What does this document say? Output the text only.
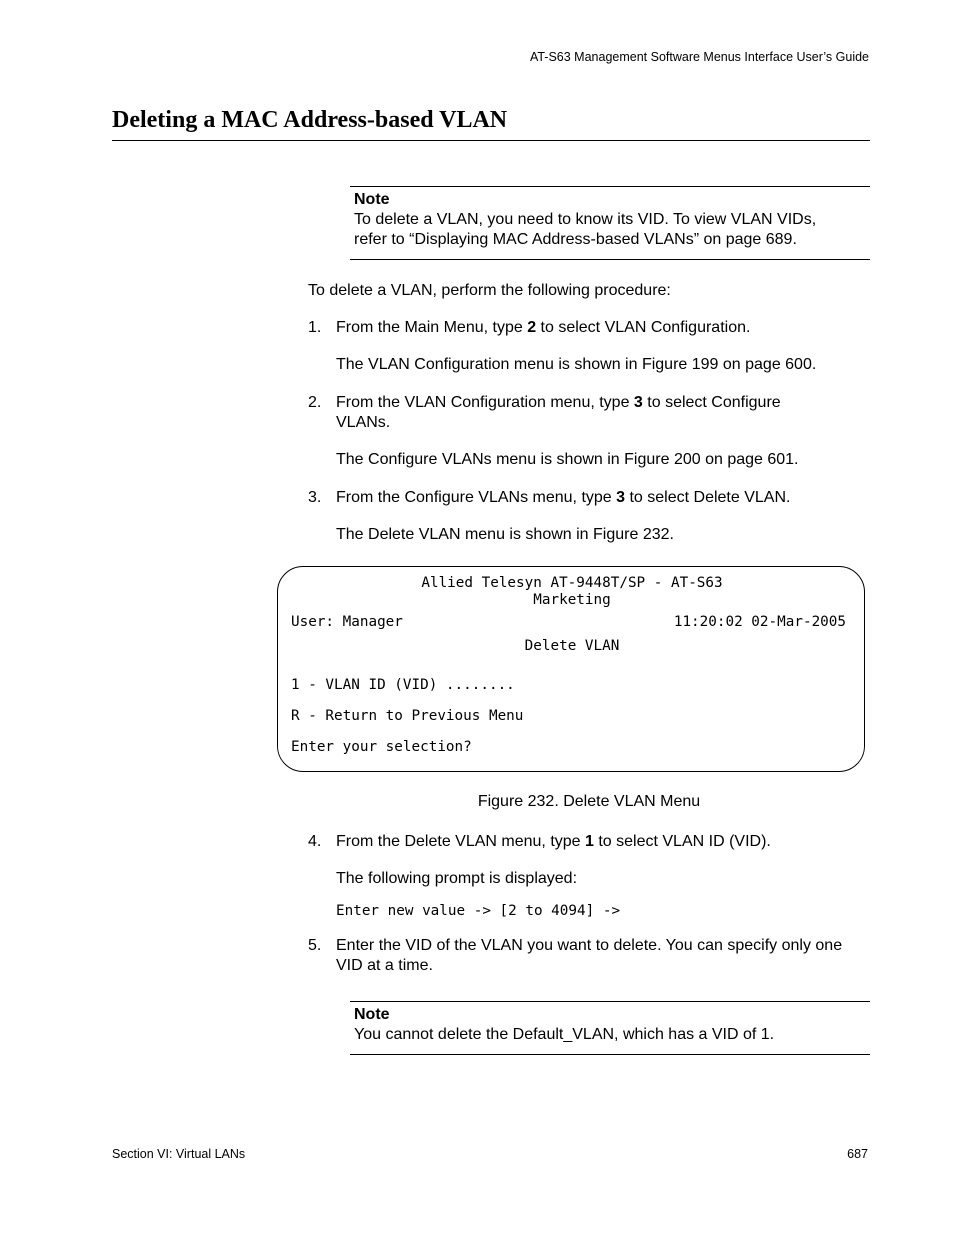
AT-S63 Management Software Menus Interface User’s Guide
Deleting a MAC Address-based VLAN
Note
To delete a VLAN, you need to know its VID. To view VLAN VIDs,
refer to “Displaying MAC Address-based VLANs” on page 689.
To delete a VLAN, perform the following procedure:
1. From the Main Menu, type 2 to select VLAN Configuration.
The VLAN Configuration menu is shown in Figure 199 on page 600.
2. From the VLAN Configuration menu, type 3 to select Configure VLANs.
The Configure VLANs menu is shown in Figure 200 on page 601.
3. From the Configure VLANs menu, type 3 to select Delete VLAN.
The Delete VLAN menu is shown in Figure 232.
Allied Telesyn AT-9448T/SP - AT-S63
Marketing
User: Manager	11:20:02 02-Mar-2005
Delete VLAN
1 - VLAN ID (VID) ........
R - Return to Previous Menu
Enter your selection?
Figure 232. Delete VLAN Menu
4. From the Delete VLAN menu, type 1 to select VLAN ID (VID).
The following prompt is displayed:
Enter new value -> [2 to 4094] ->
5. Enter the VID of the VLAN you want to delete. You can specify only one VID at a time.
Note
You cannot delete the Default_VLAN, which has a VID of 1.
Section VI: Virtual LANs	687
